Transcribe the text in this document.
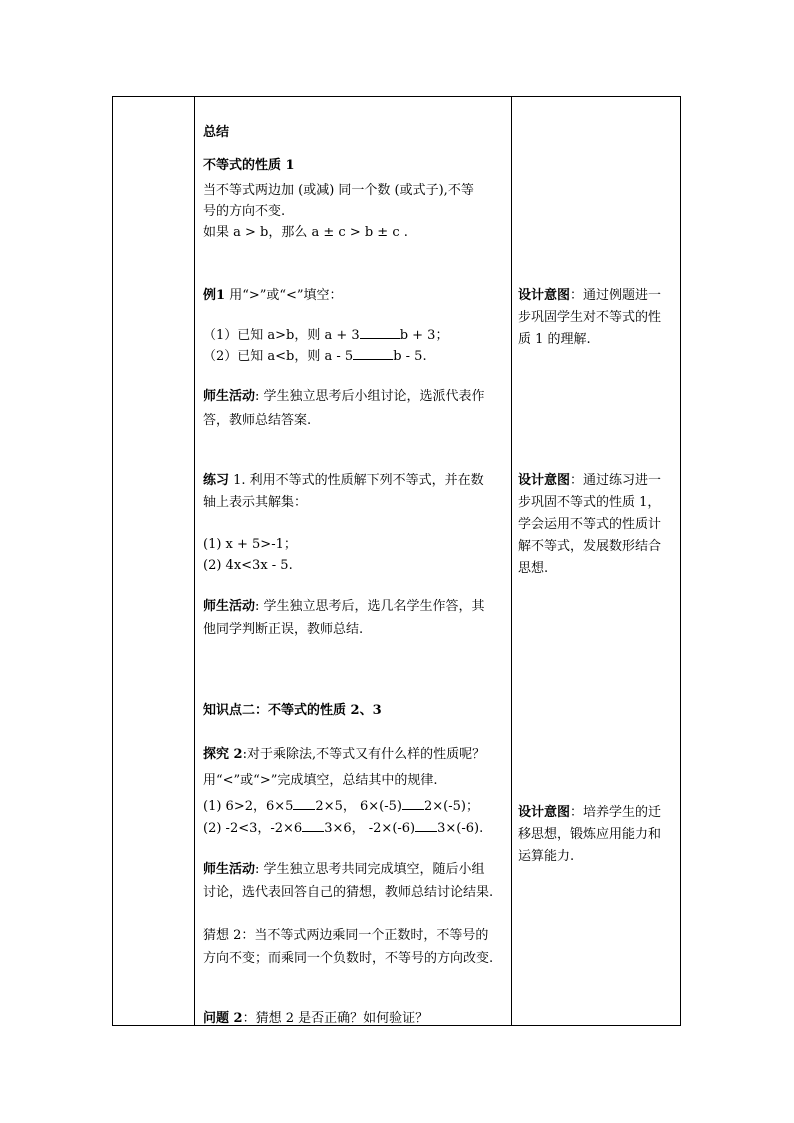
总结
不等式的性质 1
当不等式两边加 (或减) 同一个数 (或式子),不等
号的方向不变.
如果 a > b，那么 a ± c > b ± c .
例1 用“>”或“<”填空：
（1）已知 a>b，则 a + 3	b + 3；
（2）已知 a<b，则 a - 5	b - 5.
师生活动: 学生独立思考后小组讨论，选派代表作
答，教师总结答案.
练习 1. 利用不等式的性质解下列不等式，并在数
轴上表示其解集：
(1) x + 5>-1；
(2) 4x<3x - 5.
师生活动: 学生独立思考后，选几名学生作答，其
他同学判断正误，教师总结.
知识点二：不等式的性质 2、3
探究 2:对于乘除法,不等式又有什么样的性质呢？
用“<”或“>”完成填空，总结其中的规律.
(1) 6>2，6×5 2×5， 6×(-5) 2×(-5)；
(2) -2<3，-2×6 3×6， -2×(-6) 3×(-6).
师生活动: 学生独立思考共同完成填空，随后小组
讨论，选代表回答自己的猜想，教师总结讨论结果.
猜想 2：当不等式两边乘同一个正数时，不等号的
方向不变；而乘同一个负数时，不等号的方向改变.
问题 2：猜想 2 是否正确？如何验证？
设计意图：通过例题进一
步巩固学生对不等式的性
质 1 的理解.
设计意图：通过练习进一
步巩固不等式的性质 1，
学会运用不等式的性质计
解不等式，发展数形结合
思想.
设计意图：培养学生的迁
移思想，锻炼应用能力和
运算能力.
